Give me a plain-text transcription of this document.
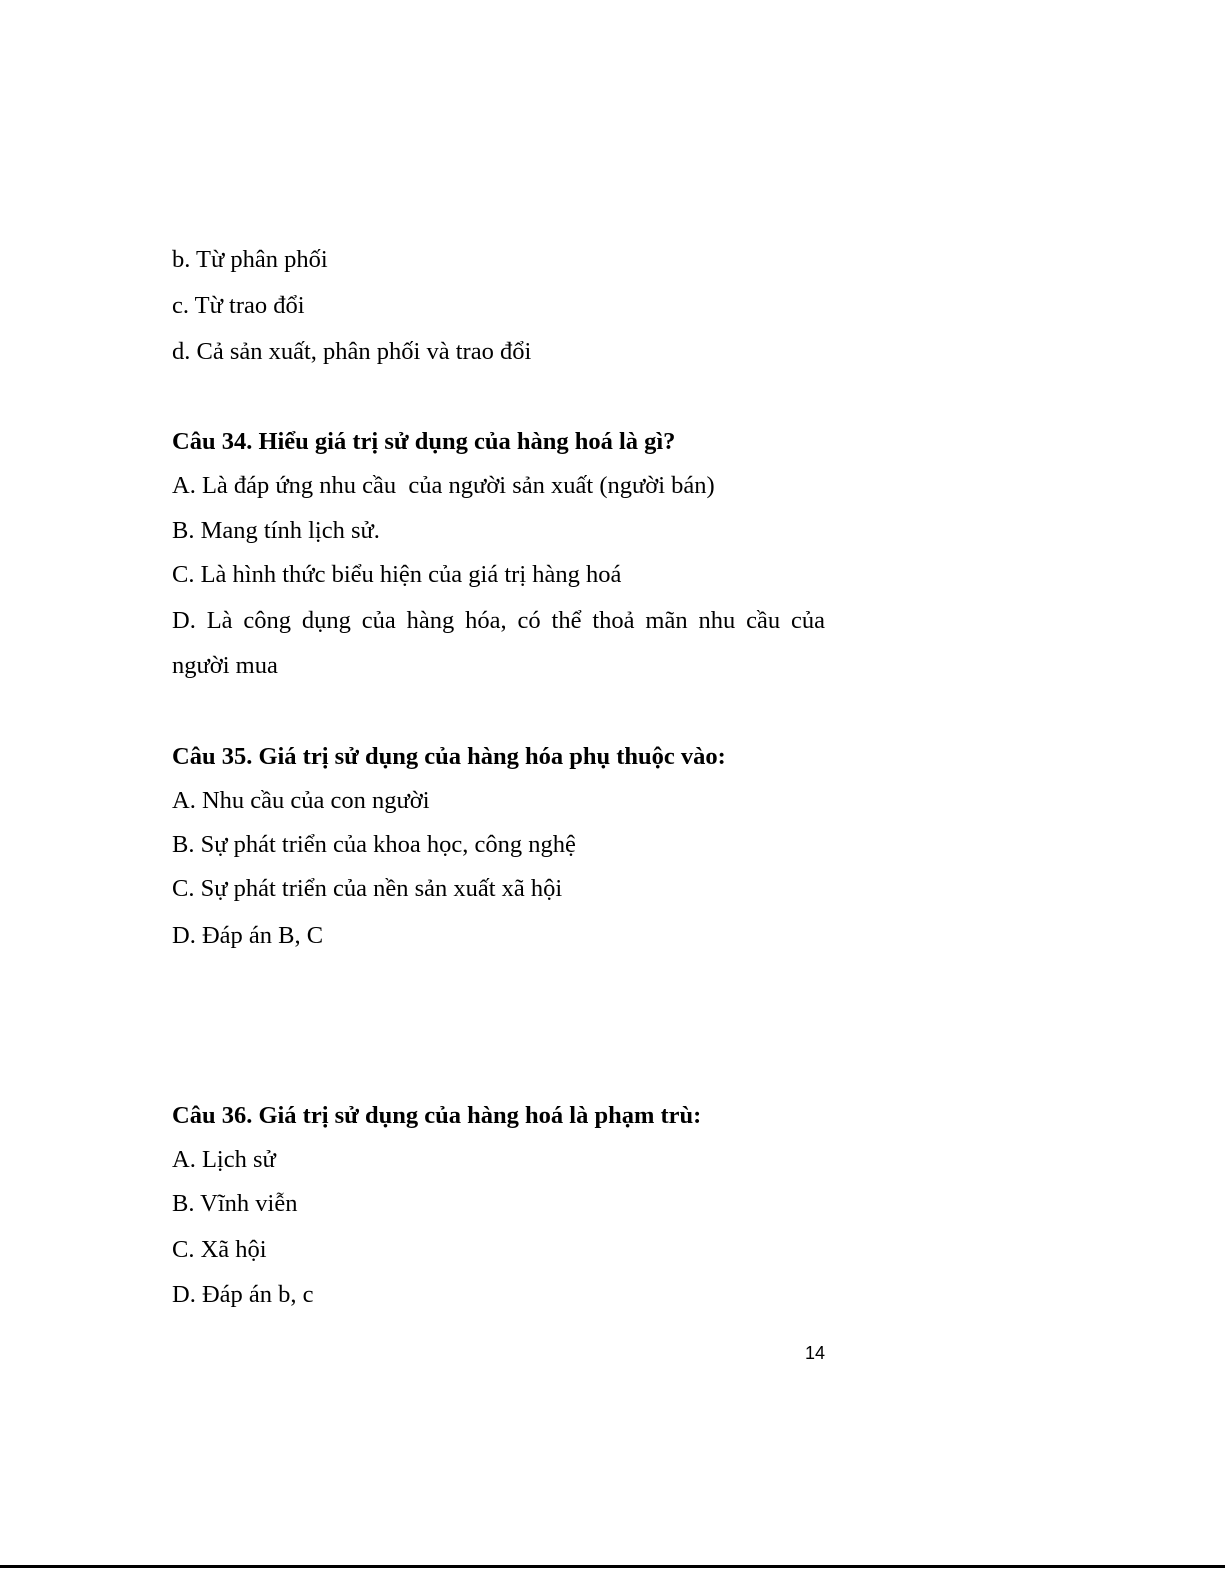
b. Từ phân phối
c. Từ trao đổi
d. Cả sản xuất, phân phối và trao đổi
Câu 34. Hiểu giá trị sử dụng của hàng hoá là gì?
A. Là đáp ứng nhu cầu  của người sản xuất (người bán)
B. Mang tính lịch sử.
C. Là hình thức biểu hiện của giá trị hàng hoá
D. Là công dụng của hàng hóa, có thể thoả mãn nhu cầu của
người mua
Câu 35. Giá trị sử dụng của hàng hóa phụ thuộc vào:
A. Nhu cầu của con người
B. Sự phát triển của khoa học, công nghệ
C. Sự phát triển của nền sản xuất xã hội
D. Đáp án B, C
Câu 36. Giá trị sử dụng của hàng hoá là phạm trù:
A. Lịch sử
B. Vĩnh viễn
C. Xã hội
D. Đáp án b, c
14
